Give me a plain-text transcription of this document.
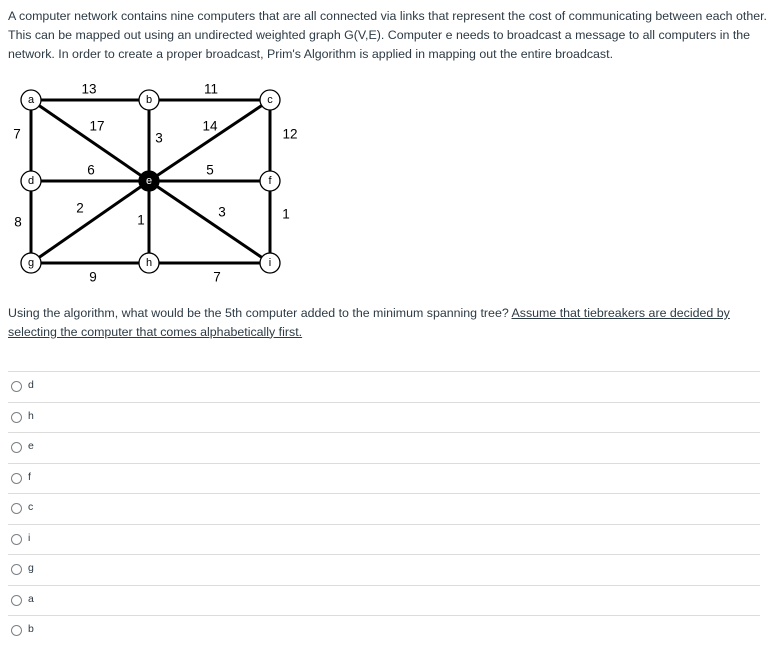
A computer network contains nine computers that are all connected via links that represent the cost of communicating between each other. This can be mapped out using an undirected weighted graph G(V,E). Computer e needs to broadcast a message to all computers in the network. In order to create a proper broadcast, Prim's Algorithm is applied in mapping out the entire broadcast.
13	11
17
3
14
7	12
6	5
8
1
2
1
3
9	7
a	b	c
d	e	f
g	h	i
Using the algorithm, what would be the 5th computer added to the minimum spanning tree? Assume that tiebreakers are decided by selecting the computer that comes alphabetically first.
d
h
e
f
c
i
g
a
b
